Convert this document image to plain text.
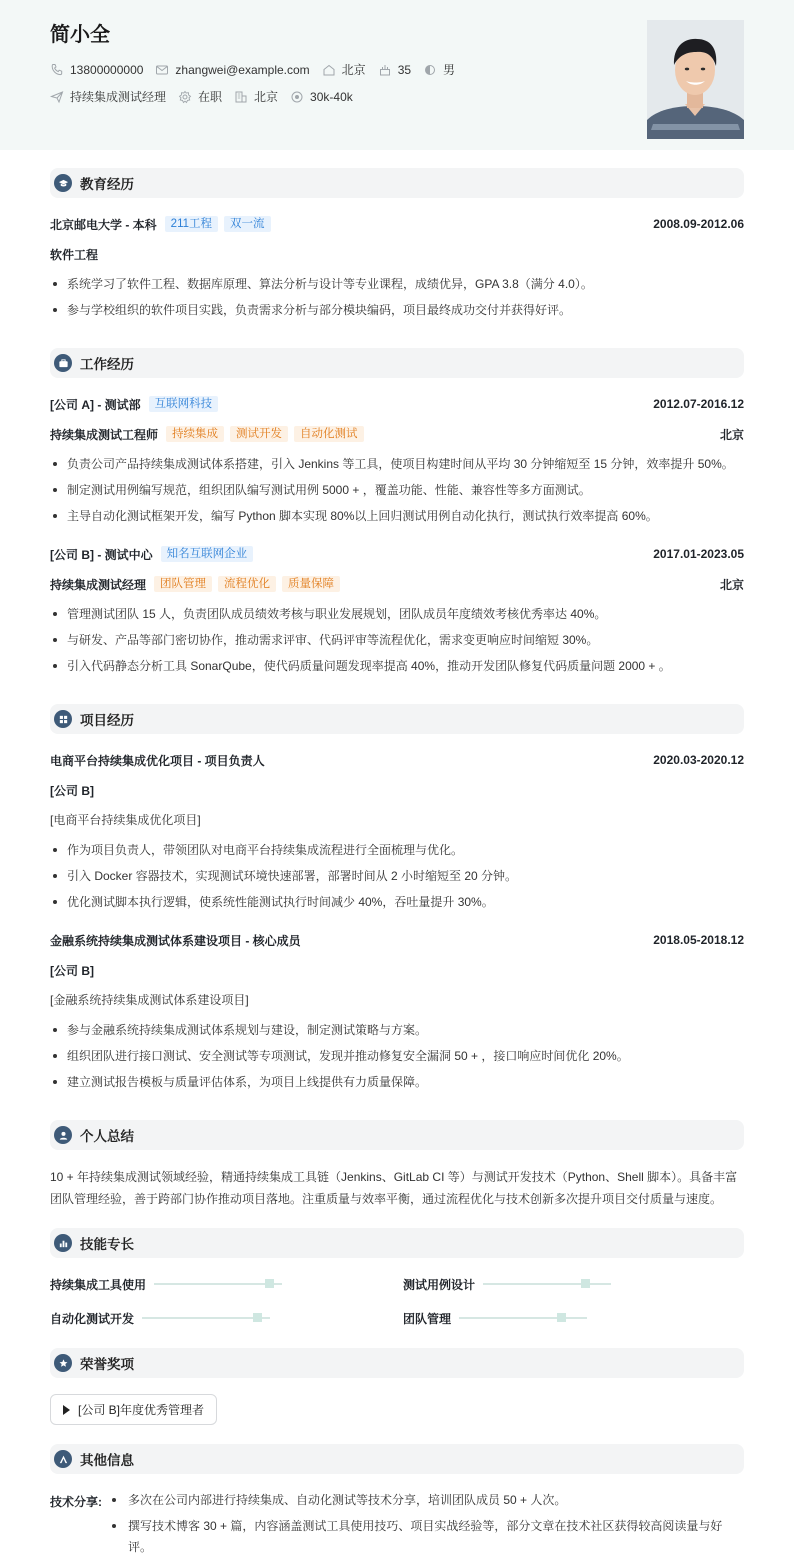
简小全
13800000000	zhangwei@example.com	北京	35	男
持续集成测试经理	在职	北京	30k-40k
教育经历
北京邮电大学 - 本科	211工程	双一流	2008.09-2012.06
软件工程
系统学习了软件工程、数据库原理、算法分析与设计等专业课程，成绩优异，GPA 3.8（满分 4.0）。
参与学校组织的软件项目实践，负责需求分析与部分模块编码，项目最终成功交付并获得好评。
工作经历
[公司 A] - 测试部	互联网科技	2012.07-2016.12
持续集成测试工程师	持续集成	测试开发	自动化测试	北京
负责公司产品持续集成测试体系搭建，引入 Jenkins 等工具，使项目构建时间从平均 30 分钟缩短至 15 分钟，效率提升 50%。
制定测试用例编写规范，组织团队编写测试用例 5000 + ，覆盖功能、性能、兼容性等多方面测试。
主导自动化测试框架开发，编写 Python 脚本实现 80%以上回归测试用例自动化执行，测试执行效率提高 60%。
[公司 B] - 测试中心	知名互联网企业	2017.01-2023.05
持续集成测试经理	团队管理	流程优化	质量保障	北京
管理测试团队 15 人，负责团队成员绩效考核与职业发展规划，团队成员年度绩效考核优秀率达 40%。
与研发、产品等部门密切协作，推动需求评审、代码评审等流程优化，需求变更响应时间缩短 30%。
引入代码静态分析工具 SonarQube，使代码质量问题发现率提高 40%，推动开发团队修复代码质量问题 2000 + 。
项目经历
电商平台持续集成优化项目 - 项目负责人	2020.03-2020.12
[公司 B]
[电商平台持续集成优化项目]
作为项目负责人，带领团队对电商平台持续集成流程进行全面梳理与优化。
引入 Docker 容器技术，实现测试环境快速部署，部署时间从 2 小时缩短至 20 分钟。
优化测试脚本执行逻辑，使系统性能测试执行时间减少 40%，吞吐量提升 30%。
金融系统持续集成测试体系建设项目 - 核心成员	2018.05-2018.12
[公司 B]
[金融系统持续集成测试体系建设项目]
参与金融系统持续集成测试体系规划与建设，制定测试策略与方案。
组织团队进行接口测试、安全测试等专项测试，发现并推动修复安全漏洞 50 + ，接口响应时间优化 20%。
建立测试报告模板与质量评估体系，为项目上线提供有力质量保障。
个人总结
10 + 年持续集成测试领域经验，精通持续集成工具链（Jenkins、GitLab CI 等）与测试开发技术（Python、Shell 脚本）。具备丰富团队管理经验，善于跨部门协作推动项目落地。注重质量与效率平衡，通过流程优化与技术创新多次提升项目交付质量与速度。
技能专长
持续集成工具使用	测试用例设计
自动化测试开发	团队管理
荣誉奖项
[公司 B]年度优秀管理者
其他信息
技术分享:	多次在公司内部进行持续集成、自动化测试等技术分享，培训团队成员 50 + 人次。
撰写技术博客 30 + 篇，内容涵盖测试工具使用技巧、项目实战经验等，部分文章在技术社区获得较高阅读量与好评。
